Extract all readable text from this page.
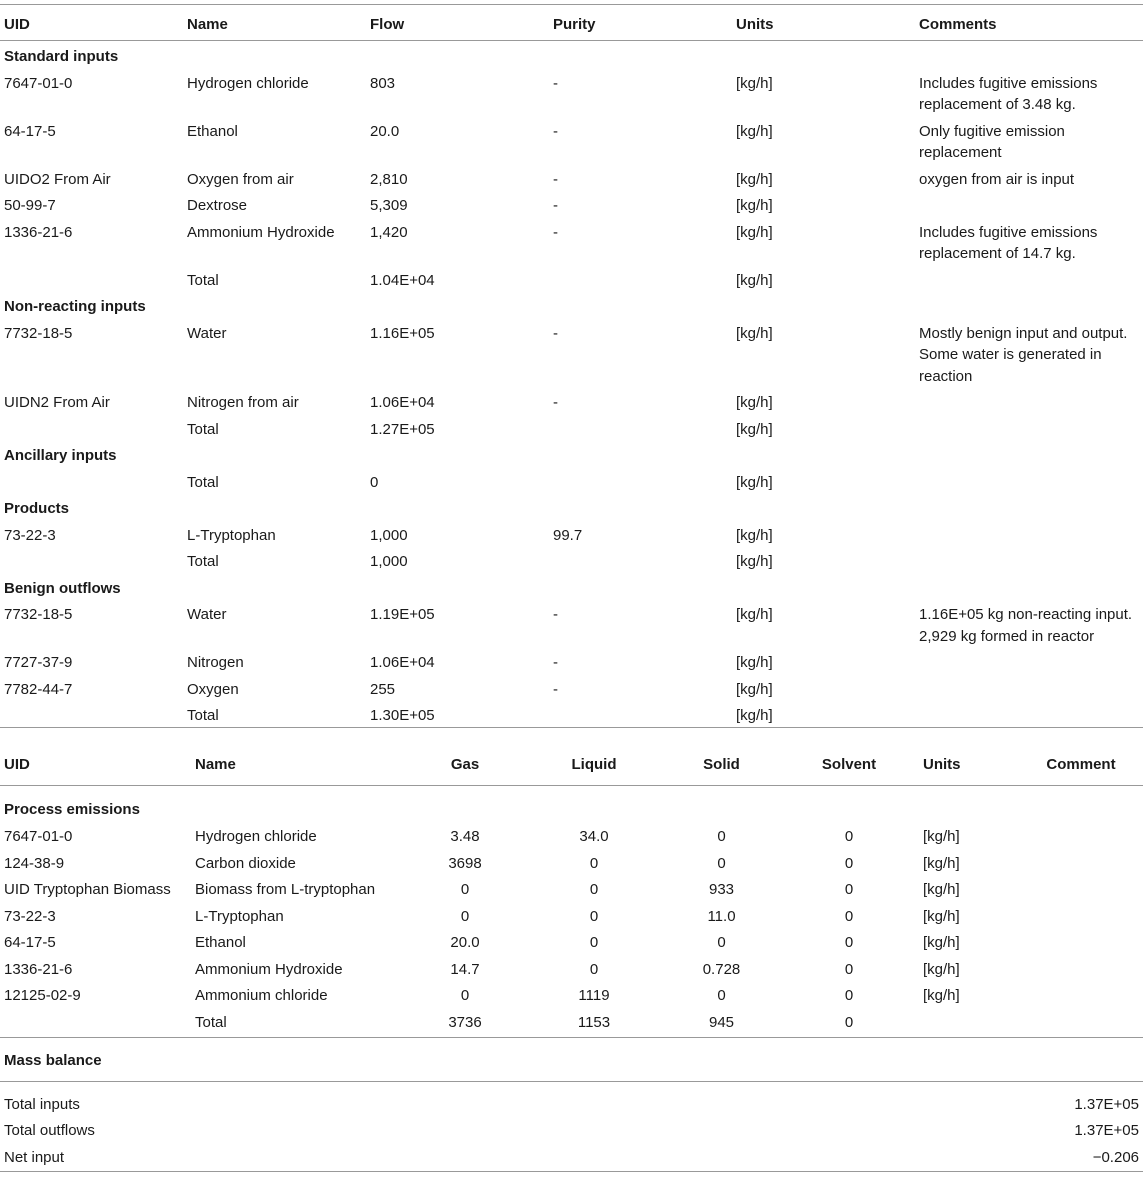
UID	Name	Flow	Purity	Units	Comments
Standard inputs					
7647-01-0	Hydrogen chloride	803	-	[kg/h]	Includes fugitive emissions replacement of 3.48 kg.
64-17-5	Ethanol	20.0	-	[kg/h]	Only fugitive emission replacement
UIDO2 From Air	Oxygen from air	2,810	-	[kg/h]	oxygen from air is input
50-99-7	Dextrose	5,309	-	[kg/h]	
1336-21-6	Ammonium Hydroxide	1,420	-	[kg/h]	Includes fugitive emissions replacement of 14.7 kg.
	Total	1.04E+04		[kg/h]	
Non-reacting inputs					
7732-18-5	Water	1.16E+05	-	[kg/h]	Mostly benign input and output. Some water is generated in reaction
UIDN2 From Air	Nitrogen from air	1.06E+04	-	[kg/h]	
	Total	1.27E+05		[kg/h]	
Ancillary inputs					
	Total	0		[kg/h]	
Products					
73-22-3	L-Tryptophan	1,000	99.7	[kg/h]	
	Total	1,000		[kg/h]	
Benign outflows					
7732-18-5	Water	1.19E+05	-	[kg/h]	1.16E+05 kg non-reacting input. 2,929 kg formed in reactor
7727-37-9	Nitrogen	1.06E+04	-	[kg/h]	
7782-44-7	Oxygen	255	-	[kg/h]	
	Total	1.30E+05		[kg/h]	
UID	Name	Gas	Liquid	Solid	Solvent	Units	Comment
Process emissions							
7647-01-0	Hydrogen chloride	3.48	34.0	0	0	[kg/h]	
124-38-9	Carbon dioxide	3698	0	0	0	[kg/h]	
UID Tryptophan Biomass	Biomass from L-tryptophan	0	0	933	0	[kg/h]	
73-22-3	L-Tryptophan	0	0	11.0	0	[kg/h]	
64-17-5	Ethanol	20.0	0	0	0	[kg/h]	
1336-21-6	Ammonium Hydroxide	14.7	0	0.728	0	[kg/h]	
12125-02-9	Ammonium chloride	0	1119	0	0	[kg/h]	
	Total	3736	1153	945	0		
Mass balance	

Total inputs	1.37E+05
Total outflows	1.37E+05
Net input	−0.206
